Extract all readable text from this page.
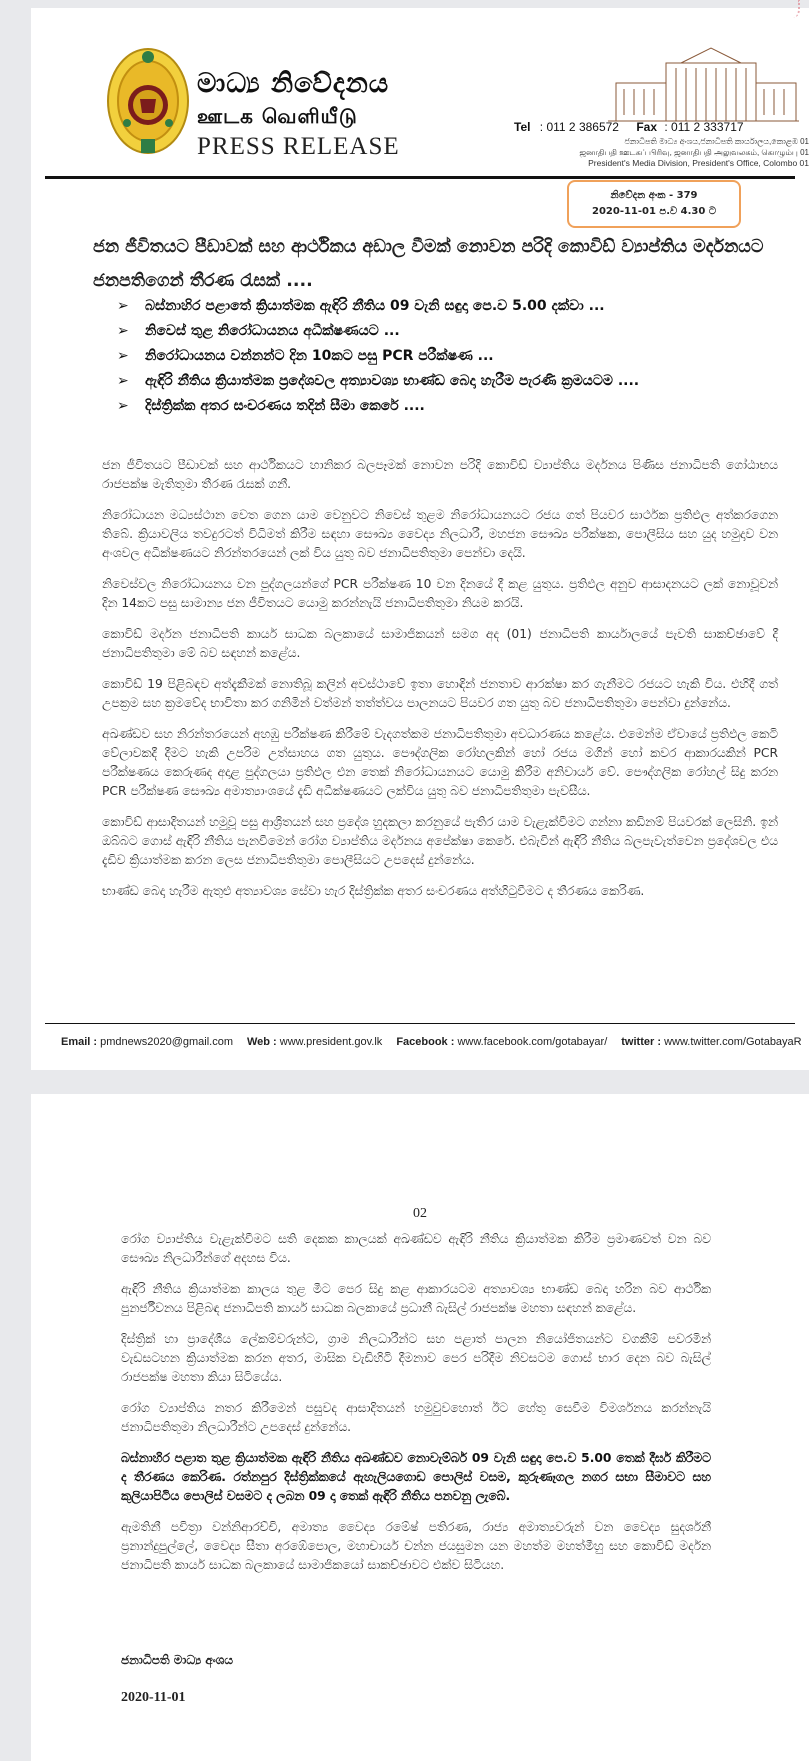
මාධ්‍ය නිවේදනය
ஊடக வெளியீடு
PRESS RELEASE
Tel : 011 2 386572 Fax : 011 2 333717
ජනාධිපති මාධ්‍ය අංශය,ජනාධිපති කාර්යාලය,කොළඹ 01
ஜனாதிபதி ஊடகப் பிரிவு, ஜனாதிபதி அலுவலகம், கொழும்பு 01
President's Media Division, President's Office, Colombo 01
නිවේදන අංක - 379
2020-11-01 ප.ව 4.30 ට
ජන ජීවිතයට පීඩාවක් සහ ආර්ථිකය අඩාල වීමක් නොවන පරිදි කොවිඩ් ව්‍යාප්තිය මර්දනයට ජනපතිගෙන් තීරණ රැසක් ....
➢ බස්නාහිර පළාතේ ක්‍රියාත්මක ඇඳිරි නීතිය 09 වැනි සඳුදා පෙ.ව 5.00 දක්වා ...
➢ නිවෙස් තුළ නිරෝධායනය අධීක්ෂණයට ...
➢ නිරෝධායනය වන්නන්ට දින 10කට පසු PCR පරීක්ෂණ ...
➢ ඇඳිරි නීතිය ක්‍රියාත්මක ප්‍රදේශවල අත්‍යාවශ්‍ය භාණ්ඩ බෙදා හැරීම පැරණි ක්‍රමයටම ....
➢ දිස්ත්‍රික්ක අතර සංචරණය තදින් සීමා කෙරේ ....

ජන ජීවිතයට පීඩාවක් සහ ආර්ථිකයට හානිකර බලපෑමක් නොවන පරිදි කොවිඩ් ව්‍යාප්තිය මර්දනය පිණිස ජනාධිපති ගෝඨාභය රාජපක්ෂ මැතිතුමා තීරණ රැසක් ගනී.

නිරෝධායන මධ්‍යස්ථාන වෙත ගෙන යාම වෙනුවට නිවෙස් තුළම නිරෝධායනයට රජය ගත් පියවර සාර්ථක ප්‍රතිඵල අත්කරගෙන තිබේ. ක්‍රියාවලිය තවදුරටත් විධිමත් කිරීම සඳහා සෞඛ්‍ය වෛද්‍ය නිලධාරී, මහජන සෞඛ්‍ය පරීක්ෂක, පොලීසිය සහ යුද හමුදාව වන අංශවල අධීක්ෂණයට නිරන්තරයෙන් ලක් විය යුතු බව ජනාධිපතිතුමා පෙන්වා දෙයි.

නිවෙස්වල නිරෝධායනය වන පුද්ගලයන්ගේ PCR පරීක්ෂණ 10 වන දිනයේ දී කළ යුතුය. ප්‍රතිඵල අනුව ආසාදනයට ලක් නොවූවන් දින 14කට පසු සාමාන්‍ය ජන ජීවිතයට යොමු කරන්නැයි ජනාධිපතිතුමා නියම කරයි.

කොවිඩ් මර්දන ජනාධිපති කාර්ය සාධක බලකායේ සාමාජිකයන් සමග අද (01) ජනාධිපති කාර්යාලයේ පැවති සාකච්ඡාවේ දී ජනාධිපතිතුමා මේ බව සඳහන් කළේය.

කොවිඩ් 19 පිළිබඳව අත්දැකීමක් නොතිබූ කලින් අවස්ථාවේ ඉතා හොඳින් ජනතාව ආරක්ෂා කර ගැනීමට රජයට හැකි විය. එහිදී ගත් උපක්‍රම සහ ක්‍රමවේද භාවිතා කර ගනිමින් වත්මන් තත්ත්වය පාලනයට පියවර ගත යුතු බව ජනාධිපතිතුමා පෙන්වා දුන්නේය.

අඛණ්ඩව සහ නිරන්තරයෙන් අහඹු පරීක්ෂණ කිරීමේ වැදගත්කම ජනාධිපතිතුමා අවධාරණය කළේය. එමෙන්ම ඒවායේ ප්‍රතිඵල කෙටි වේලාවකදී දීමට හැකි උපරිම උත්සාහය ගත යුතුය. පෞද්ගලික රෝහලකින් හෝ රජය මගින් හෝ කවර ආකාරයකින් PCR පරීක්ෂණය කෙරුණද අදාළ පුද්ගලයා ප්‍රතිඵල එන තෙක් නිරෝධායනයට යොමු කිරීම අනිවාර්ය වේ. පෞද්ගලික රෝහල් සිදු කරන PCR පරීක්ෂණ සෞඛ්‍ය අමාත්‍යාංශයේ දැඩි අධීක්ෂණයට ලක්විය යුතු බව ජනාධිපතිතුමා පැවසීය.

කොවිඩ් ආසාදිතයන් හමුවූ පසු ආශ්‍රිතයන් සහ ප්‍රදේශ හුදකලා කරනුයේ පැතිර යාම වැළැක්වීමට ගන්නා කඩිනම් පියවරක් ලෙසිනි. ඉන් ඔබ්බට ගොස් ඇඳිරි නීතිය පැනවීමෙන් රෝග ව්‍යාප්තිය මර්දනය අපේක්ෂා කෙරේ. එබැවින් ඇඳිරි නීතිය බලපැවැත්වෙන ප්‍රදේශවල එය දැඩිව ක්‍රියාත්මක කරන ලෙස ජනාධිපතිතුමා පොලීසියට උපදෙස් දුන්නේය.

භාණ්ඩ බෙදා හැරීම ඇතුළු අත්‍යාවශ්‍ය සේවා හැර දිස්ත්‍රික්ක අතර සංචරණය අත්හිටුවීමට ද තීරණය කෙරිණ.

Email : pmdnews2020@gmail.com Web : www.president.gov.lk Facebook : www.facebook.com/gotabayar/ twitter : www.twitter.com/GotabayaR
02

රෝග ව්‍යාප්තිය වැළැක්වීමට සති දෙකක කාලයක් අඛණ්ඩව ඇඳිරි නීතිය ක්‍රියාත්මක කිරීම ප්‍රමාණවත් වන බව සෞඛ්‍ය නිලධාරීන්ගේ අදහස විය.

ඇඳිරි නීතිය ක්‍රියාත්මක කාලය තුළ මීට පෙර සිදු කළ ආකාරයටම අත්‍යාවශ්‍ය භාණ්ඩ බෙදා හරින බව ආර්ථික පුනර්ජීවනය පිළිබඳ ජනාධිපති කාර්ය සාධක බලකායේ ප්‍රධානී බැසිල් රාජපක්ෂ මහතා සඳහන් කළේය.

දිස්ත්‍රික් හා ප්‍රාදේශීය ලේකම්වරුන්ට, ග්‍රාම නිලධාරීන්ට සහ පළාත් පාලන නියෝජිතයන්ට වගකීම් පවරමින් වැඩසටහන ක්‍රියාත්මක කරන අතර, මාසික වැඩිහිටි දීමනාව පෙර පරිදීම නිවසටම ගොස් භාර දෙන බව බැසිල් රාජපක්ෂ මහතා කියා සිටියේය.

රෝග ව්‍යාප්තිය නතර කිරීමෙන් පසුවද ආසාදිතයන් හමුවුවහොත් ඊට හේතු සෙවීම විමර්ශනය කරන්නැයි ජනාධිපතිතුමා නිලධාරීන්ට උපදෙස් දුන්නේය.

බස්නාහිර පළාත තුළ ක්‍රියාත්මක ඇඳිරි නීතිය අඛණ්ඩව නොවැම්බර් 09 වැනි සඳුදා පෙ.ව 5.00 තෙක් දීර්ඝ කිරීමට ද තීරණය කෙරිණ. රත්නපුර දිස්ත්‍රික්කයේ ඇහැලියගොඩ පොලිස් වසම, කුරුණෑගල නගර සභා සීමාවට සහ කුලියාපිටිය පොලිස් වසමට ද ලබන 09 දා තෙක් ඇඳිරි නීතිය පනවනු ලැබේ.

ඇමතිනී පවිත්‍රා වන්නිආරච්චි, අමාත්‍ය වෛද්‍ය රමේෂ් පතිරණ, රාජ්‍ය අමාත්‍යවරුන් වන වෛද්‍ය සුදර්ශනී ප්‍රනාන්දුපුල්ලේ, වෛද්‍ය සීතා අරඹේපොල, මහාචාර්ය චන්න ජයසුමන යන මහත්ම මහත්මීහු සහ කොවිඩ් මර්දන ජනාධිපති කාර්ය සාධක බලකායේ සාමාජිකයෝ සාකච්ඡාවට එක්ව සිටියහ.

ජනාධිපති මාධ්‍ය අංශය
2020-11-01
